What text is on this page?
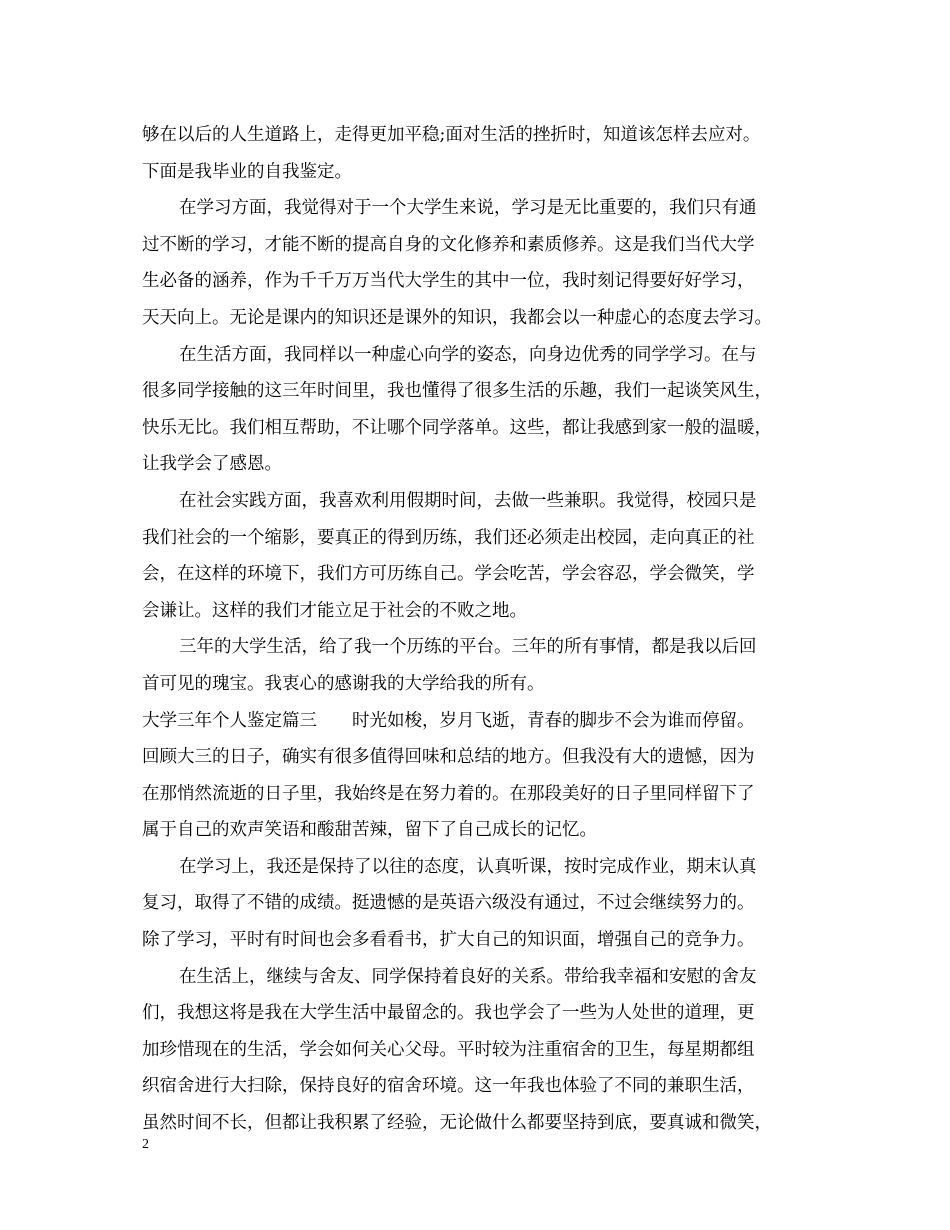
够在以后的人生道路上，走得更加平稳;面对生活的挫折时，知道该怎样去应对。
下面是我毕业的自我鉴定。
在学习方面，我觉得对于一个大学生来说，学习是无比重要的，我们只有通
过不断的学习，才能不断的提高自身的文化修养和素质修养。这是我们当代大学
生必备的涵养，作为千千万万当代大学生的其中一位，我时刻记得要好好学习，
天天向上。无论是课内的知识还是课外的知识，我都会以一种虚心的态度去学习。
在生活方面，我同样以一种虚心向学的姿态，向身边优秀的同学学习。在与
很多同学接触的这三年时间里，我也懂得了很多生活的乐趣，我们一起谈笑风生，
快乐无比。我们相互帮助，不让哪个同学落单。这些，都让我感到家一般的温暖，
让我学会了感恩。
在社会实践方面，我喜欢利用假期时间，去做一些兼职。我觉得，校园只是
我们社会的一个缩影，要真正的得到历练，我们还必须走出校园，走向真正的社
会，在这样的环境下，我们方可历练自己。学会吃苦，学会容忍，学会微笑，学
会谦让。这样的我们才能立足于社会的不败之地。
三年的大学生活，给了我一个历练的平台。三年的所有事情，都是我以后回
首可见的瑰宝。我衷心的感谢我的大学给我的所有。
大学三年个人鉴定篇三　　时光如梭，岁月飞逝，青春的脚步不会为谁而停留。
回顾大三的日子，确实有很多值得回味和总结的地方。但我没有大的遗憾，因为
在那悄然流逝的日子里，我始终是在努力着的。在那段美好的日子里同样留下了
属于自己的欢声笑语和酸甜苦辣，留下了自己成长的记忆。
在学习上，我还是保持了以往的态度，认真听课，按时完成作业，期末认真
复习，取得了不错的成绩。挺遗憾的是英语六级没有通过，不过会继续努力的。
除了学习，平时有时间也会多看看书，扩大自己的知识面，增强自己的竞争力。
在生活上，继续与舍友、同学保持着良好的关系。带给我幸福和安慰的舍友
们，我想这将是我在大学生活中最留念的。我也学会了一些为人处世的道理，更
加珍惜现在的生活，学会如何关心父母。平时较为注重宿舍的卫生，每星期都组
织宿舍进行大扫除，保持良好的宿舍环境。这一年我也体验了不同的兼职生活，
虽然时间不长，但都让我积累了经验，无论做什么都要坚持到底，要真诚和微笑，
2
